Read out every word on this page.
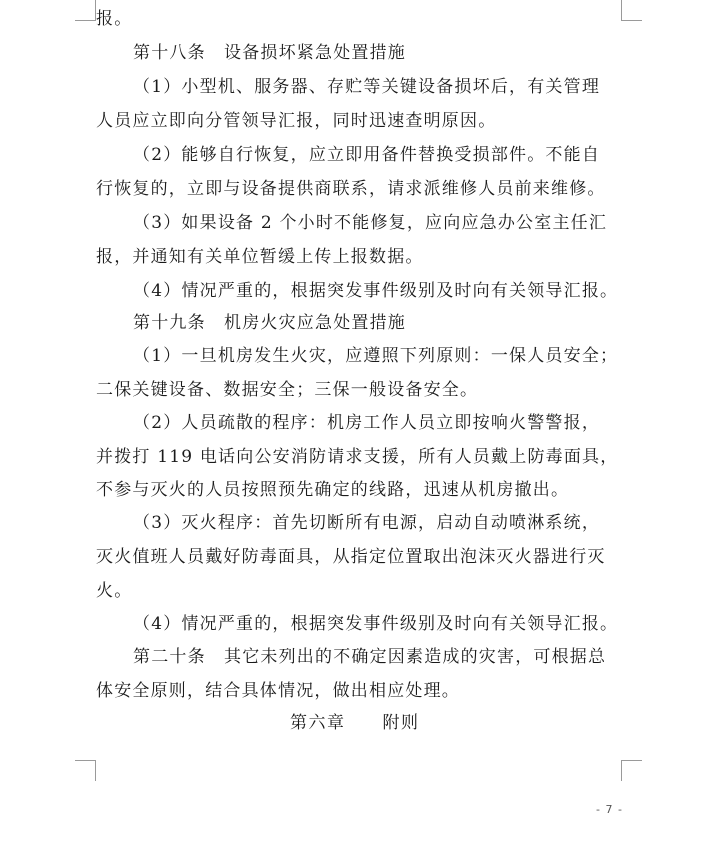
报。
第十八条　设备损坏紧急处置措施
（1）小型机、服务器、存贮等关键设备损坏后，有关管理
人员应立即向分管领导汇报，同时迅速查明原因。
（2）能够自行恢复，应立即用备件替换受损部件。不能自
行恢复的，立即与设备提供商联系，请求派维修人员前来维修。
（3）如果设备 2 个小时不能修复，应向应急办公室主任汇
报，并通知有关单位暂缓上传上报数据。
（4）情况严重的，根据突发事件级别及时向有关领导汇报。
第十九条　机房火灾应急处置措施
（1）一旦机房发生火灾，应遵照下列原则：一保人员安全；
二保关键设备、数据安全；三保一般设备安全。
（2）人员疏散的程序：机房工作人员立即按响火警警报，
并拨打 119 电话向公安消防请求支援，所有人员戴上防毒面具，
不参与灭火的人员按照预先确定的线路，迅速从机房撤出。
（3）灭火程序：首先切断所有电源，启动自动喷淋系统，
灭火值班人员戴好防毒面具，从指定位置取出泡沫灭火器进行灭
火。
（4）情况严重的，根据突发事件级别及时向有关领导汇报。
第二十条　其它未列出的不确定因素造成的灾害，可根据总
体安全原则，结合具体情况，做出相应处理。
第六章　　附则
- 7 -
